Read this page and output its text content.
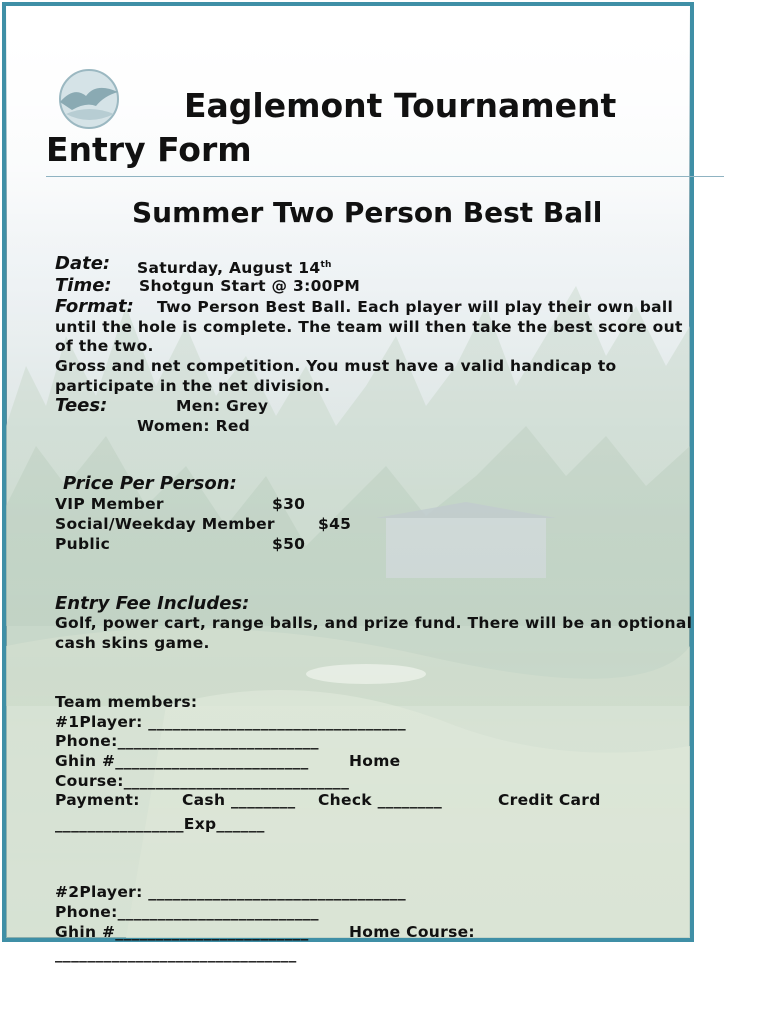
Eaglemont Tournament
Entry Form
Summer Two Person Best Ball
Date: Saturday, August 14th
Time: Shotgun Start @ 3:00PM
Format: Two Person Best Ball. Each player will play their own ball
until the hole is complete. The team will then take the best score out
of the two.
Gross and net competition. You must have a valid handicap to
participate in the net division.
Tees:	Men: Grey
Women: Red
Price Per Person:
VIP Member	$30
Social/Weekday Member	$45
Public	$50
Entry Fee Includes:
Golf, power cart, range balls, and prize fund. There will be an optional
cash skins game.
Team members:
#1Player: ________________________________
Phone:_________________________
Ghin #________________________	Home
Course:____________________________
Payment:	Cash ________ Check ________	Credit Card
________________Exp______
#2Player: ________________________________
Phone:_________________________
Ghin #________________________	Home Course:
______________________________
